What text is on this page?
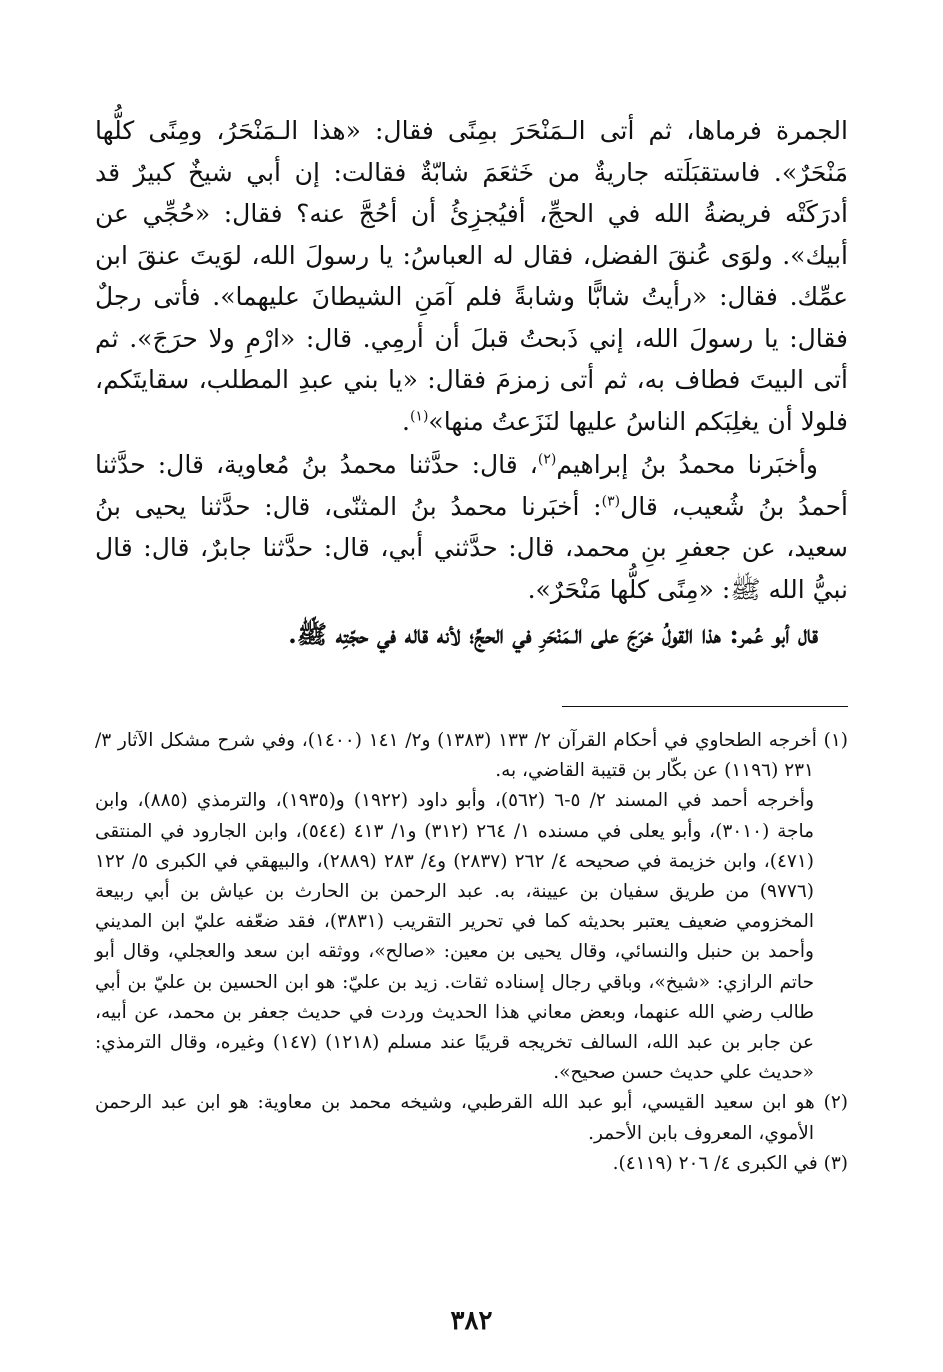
الجمرة فرماها، ثم أتى الـمَنْحَرَ بمِنًى فقال: «هذا الـمَنْحَرُ، ومِنًى كلُّها مَنْحَرٌ». فاستقبَلَته جاريةٌ من خَثعَمَ شابّةٌ فقالت: إن أبي شيخٌ كبيرٌ قد أدرَكَتْه فريضةُ الله في الحجِّ، أفيُجزِئُ أن أحُجَّ عنه؟ فقال: «حُجِّي عن أبيك». ولوَى عُنقَ الفضل، فقال له العباسُ: يا رسولَ الله، لوَيتَ عنقَ ابن عمِّك. فقال: «رأيتُ شابًّا وشابةً فلم آمَنِ الشيطانَ عليهما». فأتى رجلٌ فقال: يا رسولَ الله، إني ذَبحتُ قبلَ أن أرمِي. قال: «ارْمِ ولا حرَجَ». ثم أتى البيتَ فطاف به، ثم أتى زمزمَ فقال: «يا بني عبدِ المطلب، سقايتَكم، فلولا أن يغلِبَكم الناسُ عليها لنَزَعتُ منها»$^{(١)}$.

وأخبَرنا محمدُ بنُ إبراهيم$^{(٢)}$، قال: حدَّثنا محمدُ بنُ مُعاوية، قال: حدَّثنا أحمدُ بنُ شُعيب، قال$^{(٣)}$: أخبَرنا محمدُ بنُ المثنّى، قال: حدَّثنا يحيى بنُ سعيد، عن جعفرِ بنِ محمد، قال: حدَّثني أبي، قال: حدَّثنا جابرٌ، قال: قال نبيُّ الله ﷺ: «مِنًى كلُّها مَنْحَرٌ».

قال أبو عُمر: هذا القولُ خرَجَ على الـمَنْحَرِ في الحجِّ؛ لأنه قاله في حجّتِه ﷺ.

(١) أخرجه الطحاوي في أحكام القرآن ٢/ ١٣٣ (١٣٨٣) و٢/ ١٤١ (١٤٠٠)، وفي شرح مشكل الآثار ٣/ ٢٣١ (١١٩٦) عن بكّار بن قتيبة القاضي، به.

وأخرجه أحمد في المسند ٢/ ٥-٦ (٥٦٢)، وأبو داود (١٩٢٢) و(١٩٣٥)، والترمذي (٨٨٥)، وابن ماجة (٣٠١٠)، وأبو يعلى في مسنده ١/ ٢٦٤ (٣١٢) و١/ ٤١٣ (٥٤٤)، وابن الجارود في المنتقى (٤٧١)، وابن خزيمة في صحيحه ٤/ ٢٦٢ (٢٨٣٧) و٤/ ٢٨٣ (٢٨٨٩)، والبيهقي في الكبرى ٥/ ١٢٢ (٩٧٧٦) من طريق سفيان بن عيينة، به. عبد الرحمن بن الحارث بن عياش بن أبي ربيعة المخزومي ضعيف يعتبر بحديثه كما في تحرير التقريب (٣٨٣١)، فقد ضعّفه عليّ ابن المديني وأحمد بن حنبل والنسائي، وقال يحيى بن معين: «صالح»، ووثقه ابن سعد والعجلي، وقال أبو حاتم الرازي: «شيخ»، وباقي رجال إسناده ثقات. زيد بن عليّ: هو ابن الحسين بن عليّ بن أبي طالب رضي الله عنهما، وبعض معاني هذا الحديث وردت في حديث جعفر بن محمد، عن أبيه، عن جابر بن عبد الله، السالف تخريجه قريبًا عند مسلم (١٢١٨) (١٤٧) وغيره، وقال الترمذي: «حديث علي حديث حسن صحيح».

(٢) هو ابن سعيد القيسي، أبو عبد الله القرطبي، وشيخه محمد بن معاوية: هو ابن عبد الرحمن الأموي، المعروف بابن الأحمر.

(٣) في الكبرى ٤/ ٢٠٦ (٤١١٩).

٣٨٢
